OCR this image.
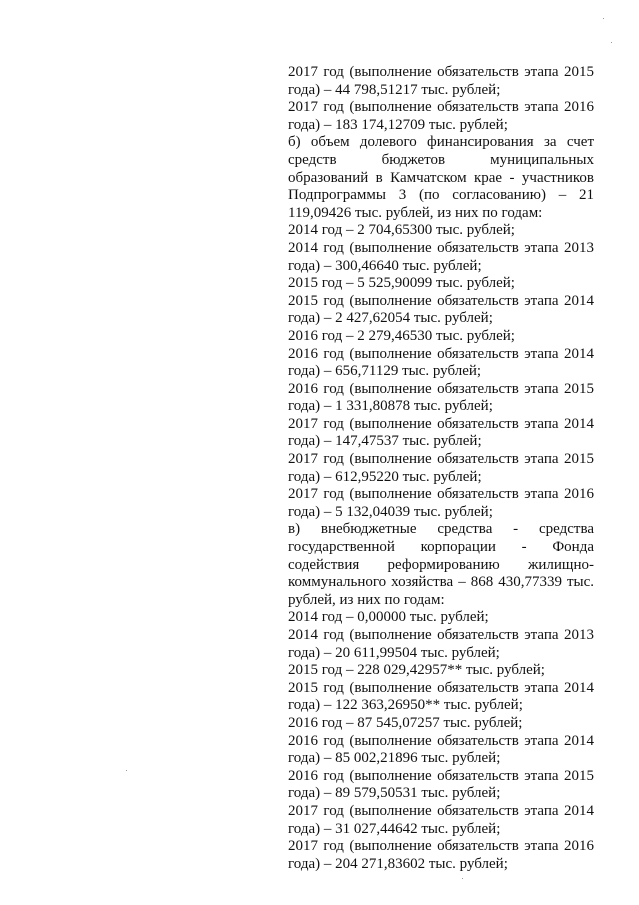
2017 год (выполнение обязательств этапа 2015 года) – 44 798,51217 тыс. рублей;

2017 год (выполнение обязательств этапа 2016 года) – 183 174,12709 тыс. рублей;

б) объем долевого финансирования за счет средств бюджетов муниципальных образований в Камчатском крае - участников Подпрограммы 3 (по согласованию) – 21 119,09426 тыс. рублей, из них по годам:

2014 год – 2 704,65300 тыс. рублей;

2014 год (выполнение обязательств этапа 2013 года) – 300,46640 тыс. рублей;

2015 год – 5 525,90099 тыс. рублей;

2015 год (выполнение обязательств этапа 2014 года) – 2 427,62054 тыс. рублей;

2016 год – 2 279,46530 тыс. рублей;

2016 год (выполнение обязательств этапа 2014 года) – 656,71129 тыс. рублей;

2016 год (выполнение обязательств этапа 2015 года) – 1 331,80878 тыс. рублей;

2017 год (выполнение обязательств этапа 2014 года) – 147,47537 тыс. рублей;

2017 год (выполнение обязательств этапа 2015 года) – 612,95220 тыс. рублей;

2017 год (выполнение обязательств этапа 2016 года) – 5 132,04039 тыс. рублей;

в) внебюджетные средства - средства государственной корпорации - Фонда содействия реформированию жилищно-коммунального хозяйства – 868 430,77339 тыс. рублей, из них по годам:

2014 год – 0,00000 тыс. рублей;

2014 год (выполнение обязательств этапа 2013 года) – 20 611,99504 тыс. рублей;

2015 год – 228 029,42957** тыс. рублей;

2015 год (выполнение обязательств этапа 2014 года) – 122 363,26950** тыс. рублей;

2016 год – 87 545,07257 тыс. рублей;

2016 год (выполнение обязательств этапа 2014 года) – 85 002,21896 тыс. рублей;

2016 год (выполнение обязательств этапа 2015 года) – 89 579,50531 тыс. рублей;

2017 год (выполнение обязательств этапа 2014 года) – 31 027,44642 тыс. рублей;

2017 год (выполнение обязательств этапа 2016 года) – 204 271,83602 тыс. рублей;
